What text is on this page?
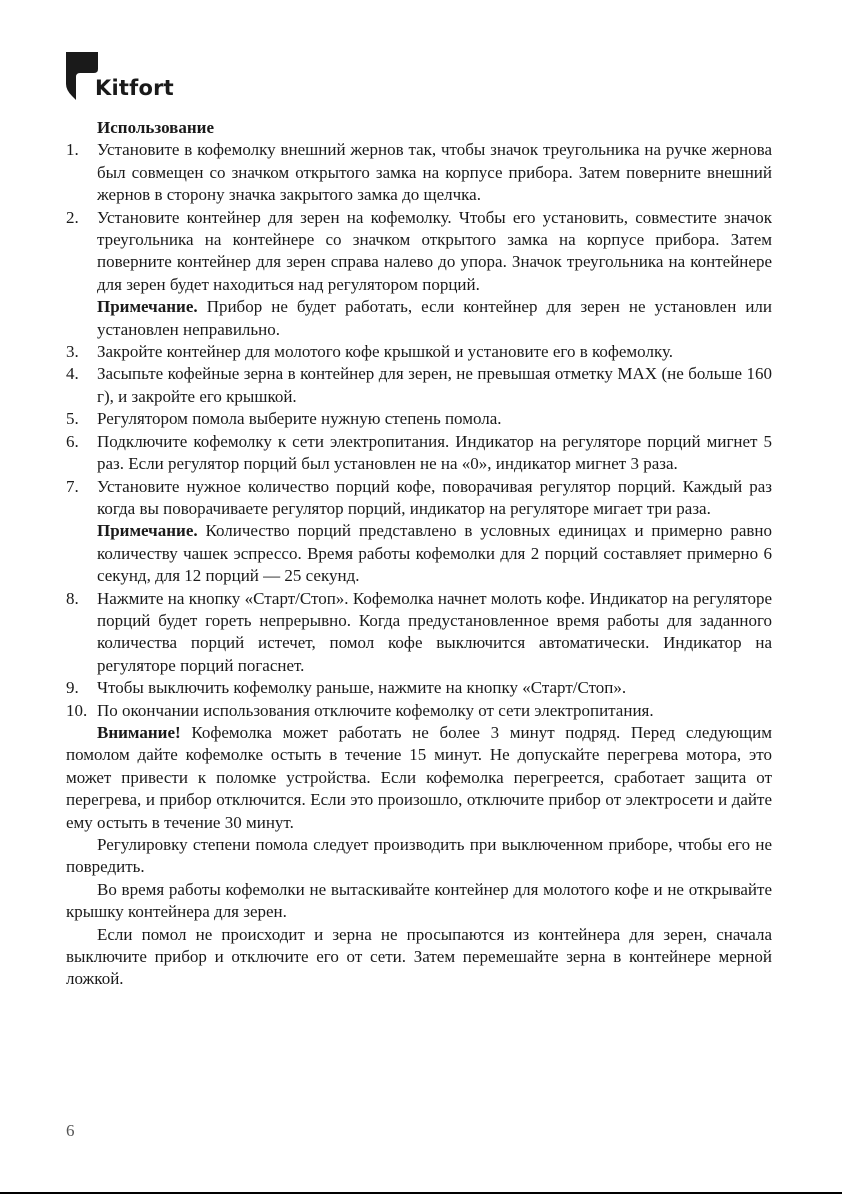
Kitfort

Использование

1. Установите в кофемолку внешний жернов так, чтобы значок треугольника на ручке жернова был совмещен со значком открытого замка на корпусе прибора. Затем поверните внешний жернов в сторону значка закрытого замка до щелчка.
2. Установите контейнер для зерен на кофемолку. Чтобы его установить, совместите значок треугольника на контейнере со значком открытого замка на корпусе прибора. Затем поверните контейнер для зерен справа налево до упора. Значок треугольника на контейнере для зерен будет находиться над регулятором порций.
Примечание. Прибор не будет работать, если контейнер для зерен не установлен или установлен неправильно.
3. Закройте контейнер для молотого кофе крышкой и установите его в кофемолку.
4. Засыпьте кофейные зерна в контейнер для зерен, не превышая отметку MAX (не больше 160 г), и закройте его крышкой.
5. Регулятором помола выберите нужную степень помола.
6. Подключите кофемолку к сети электропитания. Индикатор на регуляторе порций мигнет 5 раз. Если регулятор порций был установлен не на «0», индикатор мигнет 3 раза.
7. Установите нужное количество порций кофе, поворачивая регулятор порций. Каждый раз когда вы поворачиваете регулятор порций, индикатор на регуляторе мигает три раза.
Примечание. Количество порций представлено в условных единицах и примерно равно количеству чашек эспрессо. Время работы кофемолки для 2 порций составляет примерно 6 секунд, для 12 порций — 25 секунд.
8. Нажмите на кнопку «Старт/Стоп». Кофемолка начнет молоть кофе. Индикатор на регуляторе порций будет гореть непрерывно. Когда предустановленное время работы для заданного количества порций истечет, помол кофе выключится автоматически. Индикатор на регуляторе порций погаснет.
9. Чтобы выключить кофемолку раньше, нажмите на кнопку «Старт/Стоп».
10. По окончании использования отключите кофемолку от сети электропитания.

Внимание! Кофемолка может работать не более 3 минут подряд. Перед следующим помолом дайте кофемолке остыть в течение 15 минут. Не допускайте перегрева мотора, это может привести к поломке устройства. Если кофемолка перегреется, сработает защита от перегрева, и прибор отключится. Если это произошло, отключите прибор от электросети и дайте ему остыть в течение 30 минут.

Регулировку степени помола следует производить при выключенном приборе, чтобы его не повредить.

Во время работы кофемолки не вытаскивайте контейнер для молотого кофе и не открывайте крышку контейнера для зерен.

Если помол не происходит и зерна не просыпаются из контейнера для зерен, сначала выключите прибор и отключите его от сети. Затем перемешайте зерна в контейнере мерной ложкой.

6
